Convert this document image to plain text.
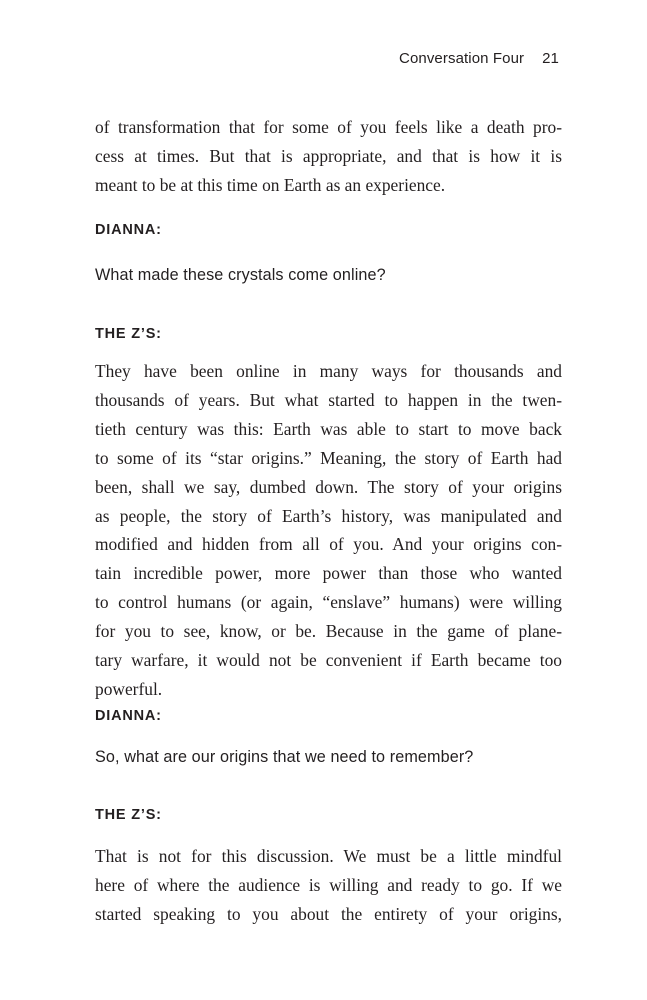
Conversation Four 21
of transformation that for some of you feels like a death pro-
cess at times. But that is appropriate, and that is how it is
meant to be at this time on Earth as an experience.
DIANNA:
What made these crystals come online?
THE Z’S:
They have been online in many ways for thousands and
thousands of years. But what started to happen in the twen-
tieth century was this: Earth was able to start to move back
to some of its “star origins.” Meaning, the story of Earth had
been, shall we say, dumbed down. The story of your origins
as people, the story of Earth’s history, was manipulated and
modified and hidden from all of you. And your origins con-
tain incredible power, more power than those who wanted
to control humans (or again, “enslave” humans) were willing
for you to see, know, or be. Because in the game of plane-
tary warfare, it would not be convenient if Earth became too
powerful.
DIANNA:
So, what are our origins that we need to remember?
THE Z’S:
That is not for this discussion. We must be a little mindful
here of where the audience is willing and ready to go. If we
started speaking to you about the entirety of your origins,
